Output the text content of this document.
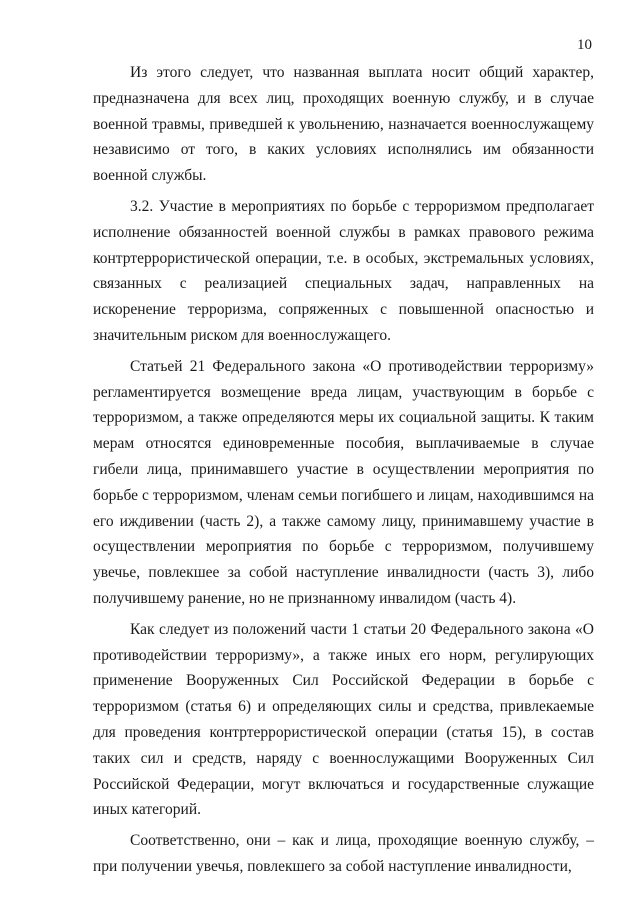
10

Из этого следует, что названная выплата носит общий характер, предназначена для всех лиц, проходящих военную службу, и в случае военной травмы, приведшей к увольнению, назначается военнослужащему независимо от того, в каких условиях исполнялись им обязанности военной службы.

3.2. Участие в мероприятиях по борьбе с терроризмом предполагает исполнение обязанностей военной службы в рамках правового режима контртеррористической операции, т.е. в особых, экстремальных условиях, связанных с реализацией специальных задач, направленных на искоренение терроризма, сопряженных с повышенной опасностью и значительным риском для военнослужащего.

Статьей 21 Федерального закона «О противодействии терроризму» регламентируется возмещение вреда лицам, участвующим в борьбе с терроризмом, а также определяются меры их социальной защиты. К таким мерам относятся единовременные пособия, выплачиваемые в случае гибели лица, принимавшего участие в осуществлении мероприятия по борьбе с терроризмом, членам семьи погибшего и лицам, находившимся на его иждивении (часть 2), а также самому лицу, принимавшему участие в осуществлении мероприятия по борьбе с терроризмом, получившему увечье, повлекшее за собой наступление инвалидности (часть 3), либо получившему ранение, но не признанному инвалидом (часть 4).

Как следует из положений части 1 статьи 20 Федерального закона «О противодействии терроризму», а также иных его норм, регулирующих применение Вооруженных Сил Российской Федерации в борьбе с терроризмом (статья 6) и определяющих силы и средства, привлекаемые для проведения контртеррористической операции (статья 15), в состав таких сил и средств, наряду с военнослужащими Вооруженных Сил Российской Федерации, могут включаться и государственные служащие иных категорий.

Соответственно, они – как и лица, проходящие военную службу, – при получении увечья, повлекшего за собой наступление инвалидности,
